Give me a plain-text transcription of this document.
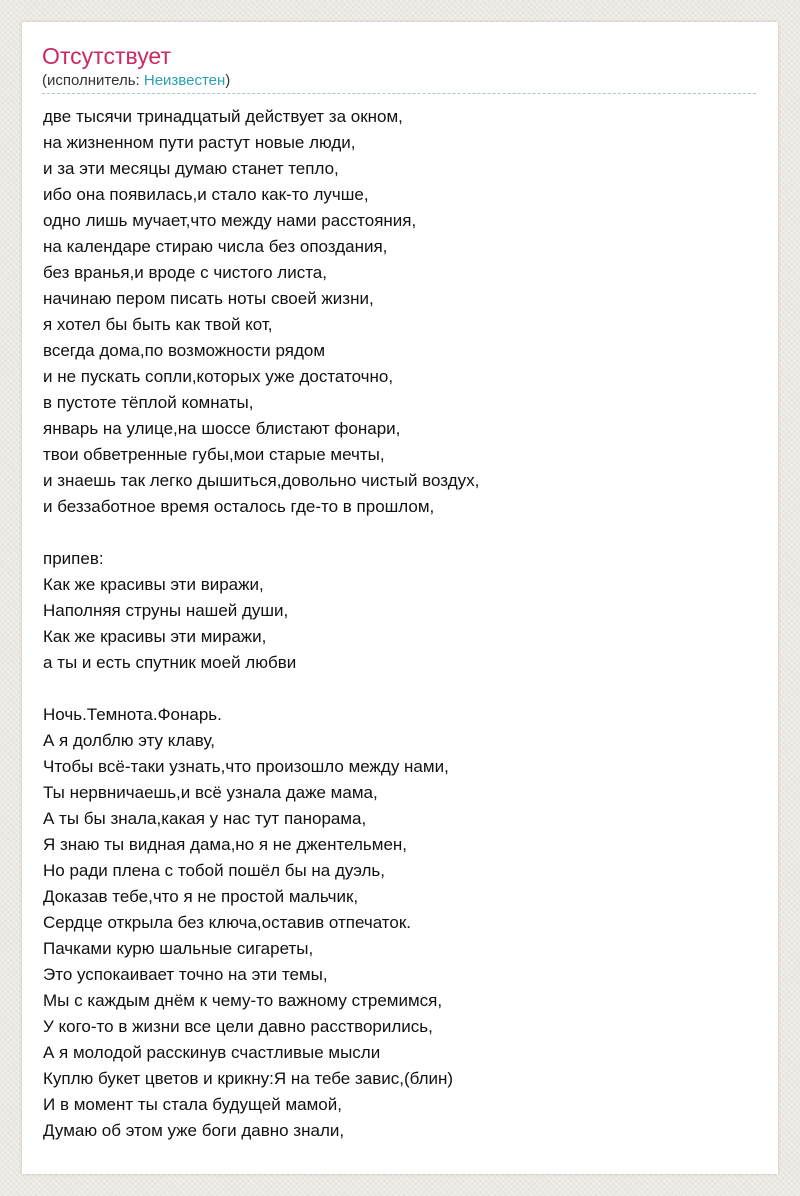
Отсутствует
(исполнитель: Неизвестен)
две тысячи тринадцатый действует за окном,
на жизненном пути растут новые люди,
и за эти месяцы думаю станет тепло,
ибо она появилась,и стало как-то лучше,
одно лишь мучает,что между нами расстояния,
на календаре стираю числа без опоздания,
без вранья,и вроде с чистого листа,
начинаю пером писать ноты своей жизни,
я хотел бы быть как твой кот,
всегда дома,по возможности рядом
и не пускать сопли,которых уже достаточно,
в пустоте тёплой комнаты,
январь на улице,на шоссе блистают фонари,
твои обветренные губы,мои старые мечты,
и знаешь так легко дышиться,довольно чистый воздух,
и беззаботное время осталось где-то в прошлом,
припев:
Как же красивы эти виражи,
Наполняя струны нашей души,
Как же красивы эти миражи,
а ты и есть спутник моей любви
Ночь.Темнота.Фонарь.
А я долблю эту клаву,
Чтобы всё-таки узнать,что произошло между нами,
Ты нервничаешь,и всё узнала даже мама,
А ты бы знала,какая у нас тут панорама,
Я знаю ты видная дама,но я не джентельмен,
Но ради плена с тобой пошёл бы на дуэль,
Доказав тебе,что я не простой мальчик,
Сердце открыла без ключа,оставив отпечаток.
Пачками курю шальные сигареты,
Это успокаивает точно на эти темы,
Мы с каждым днём к чему-то важному стремимся,
У кого-то в жизни все цели давно расстворились,
А я молодой расскинув счастливые мысли
Куплю букет цветов и крикну:Я на тебе завис,(блин)
И в момент ты стала будущей мамой,
Думаю об этом уже боги давно знали,
